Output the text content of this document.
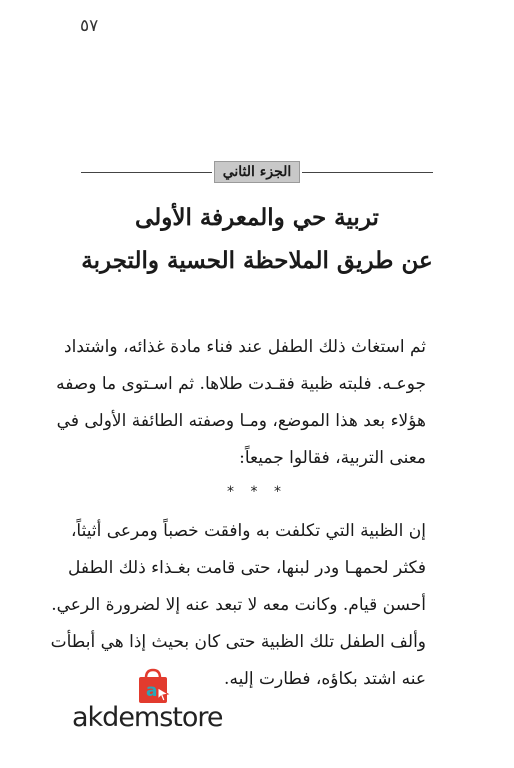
٥٧
الجزء الثاني
تربية حي والمعرفة الأولى
عن طريق الملاحظة الحسية والتجربة
ثم استغاث ذلك الطفل عند فناء مادة غذائه، واشتداد
جوعـه. فلبته ظبية فقـدت طلاها. ثم اسـتوى ما وصفه
هؤلاء بعد هذا الموضع، ومـا وصفته الطائفة الأولى في
معنى التربية، فقالوا جميعاً:
* * *
إن الظبية التي تكلفت به وافقت خصباً ومرعى أثيثاً،
فكثر لحمهـا ودر لبنها، حتى قامت بغـذاء ذلك الطفل
أحسن قيام. وكانت معه لا تبعد عنه إلا لضرورة الرعي.
وألف الطفل تلك الظبية حتى كان بحيث إذا هي أبطأت
عنه اشتد بكاؤه، فطارت إليه.
a
akdemstore
